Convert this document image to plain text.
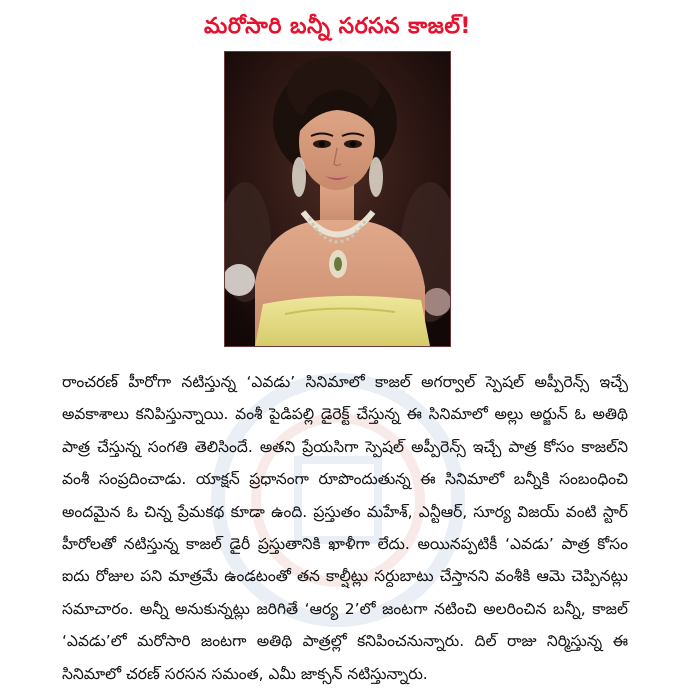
మరోసారి బన్నీ సరసన కాజల్!

రాంచరణ్ హీరోగా నటిస్తున్న ‘ఎవడు’ సినిమాలో కాజల్ అగర్వాల్ స్పెషల్ అప్పీరెన్స్ ఇచ్చే అవకాశాలు కనిపిస్తున్నాయి. వంశీ పైడిపల్లి డైరెక్ట్ చేస్తున్న ఈ సినిమాలో అల్లు అర్జున్ ఓ అతిథి పాత్ర చేస్తున్న సంగతి తెలిసిందే. అతని ప్రేయసిగా స్పెషల్ అప్పీరెన్స్ ఇచ్చే పాత్ర కోసం కాజల్‌ని వంశీ సంప్రదించాడు. యాక్షన్ ప్రధానంగా రూపొందుతున్న ఈ సినిమాలో బన్నీకి సంబంధించి అందమైన ఓ చిన్న ప్రేమకథ కూడా ఉంది. ప్రస్తుతం మహేశ్, ఎన్టీఆర్, సూర్య విజయ్ వంటి స్టార్ హీరోలతో నటిస్తున్న కాజల్ డైరీ ప్రస్తుతానికి ఖాళీగా లేదు. అయినప్పటికీ ‘ఎవడు’ పాత్ర కోసం ఐదు రోజుల పని మాత్రమే ఉండటంతో తన కాల్షీట్లు సర్దుబాటు చేస్తానని వంశీకి ఆమె చెప్పినట్లు సమాచారం. అన్నీ అనుకున్నట్లు జరిగితే ‘ఆర్య 2’లో జంటగా నటించి అలరించిన బన్నీ, కాజల్ ‘ఎవడు’లో మరోసారి జంటగా అతిథి పాత్రల్లో కనిపించనున్నారు. దిల్ రాజు నిర్మిస్తున్న ఈ సినిమాలో చరణ్ సరసన సమంత, ఎమీ జాక్సన్ నటిస్తున్నారు.
